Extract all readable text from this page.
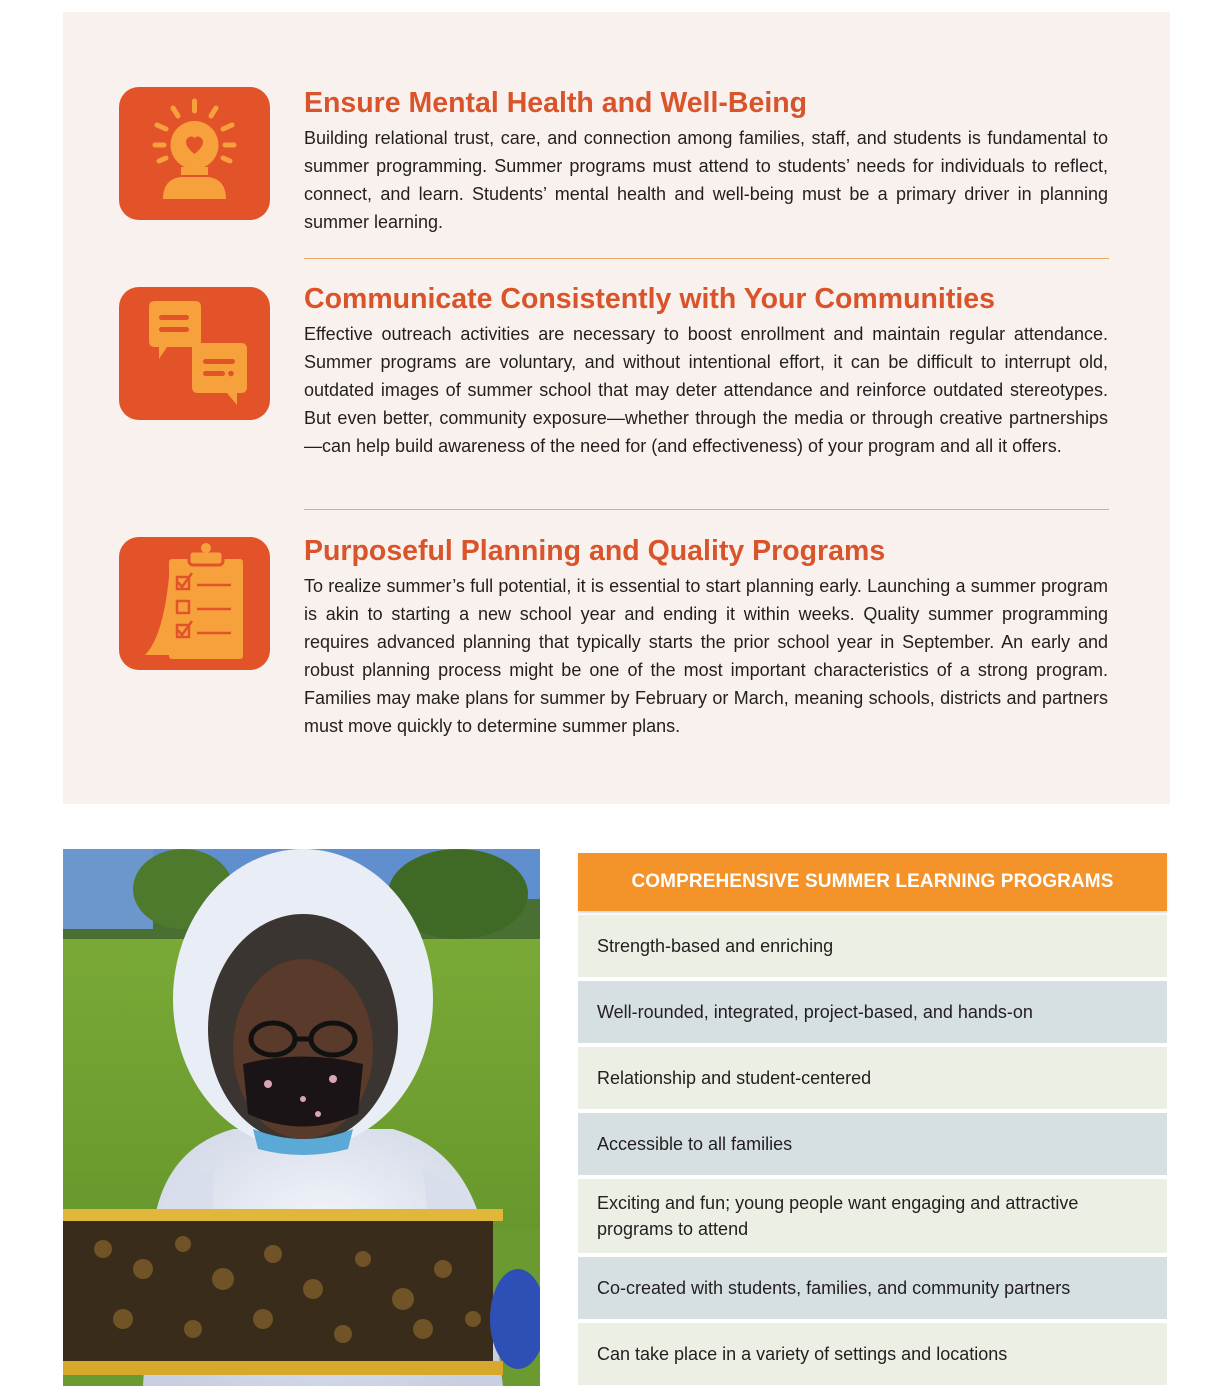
Ensure Mental Health and Well-Being

Building relational trust, care, and connection among families, staff, and students is fundamental to summer programming. Summer programs must attend to students’ needs for individuals to reflect, connect, and learn. Students’ mental health and well-being must be a primary driver in planning summer learning.

Communicate Consistently with Your Communities

Effective outreach activities are necessary to boost enrollment and maintain regular attendance. Summer programs are voluntary, and without intentional effort, it can be difficult to interrupt old, outdated images of summer school that may deter attendance and reinforce outdated stereotypes. But even better, community exposure—whether through the media or through creative partnerships—can help build awareness of the need for (and effectiveness) of your program and all it offers.

Purposeful Planning and Quality Programs

To realize summer’s full potential, it is essential to start planning early. Launching a summer program is akin to starting a new school year and ending it within weeks. Quality summer programming requires advanced planning that typically starts the prior school year in September. An early and robust planning process might be one of the most important characteristics of a strong program. Families may make plans for summer by February or March, meaning schools, districts and partners must move quickly to determine summer plans.

COMPREHENSIVE SUMMER LEARNING PROGRAMS
Strength-based and enriching
Well-rounded, integrated, project-based, and hands-on
Relationship and student-centered
Accessible to all families
Exciting and fun; young people want engaging and attractive programs to attend
Co-created with students, families, and community partners
Can take place in a variety of settings and locations
